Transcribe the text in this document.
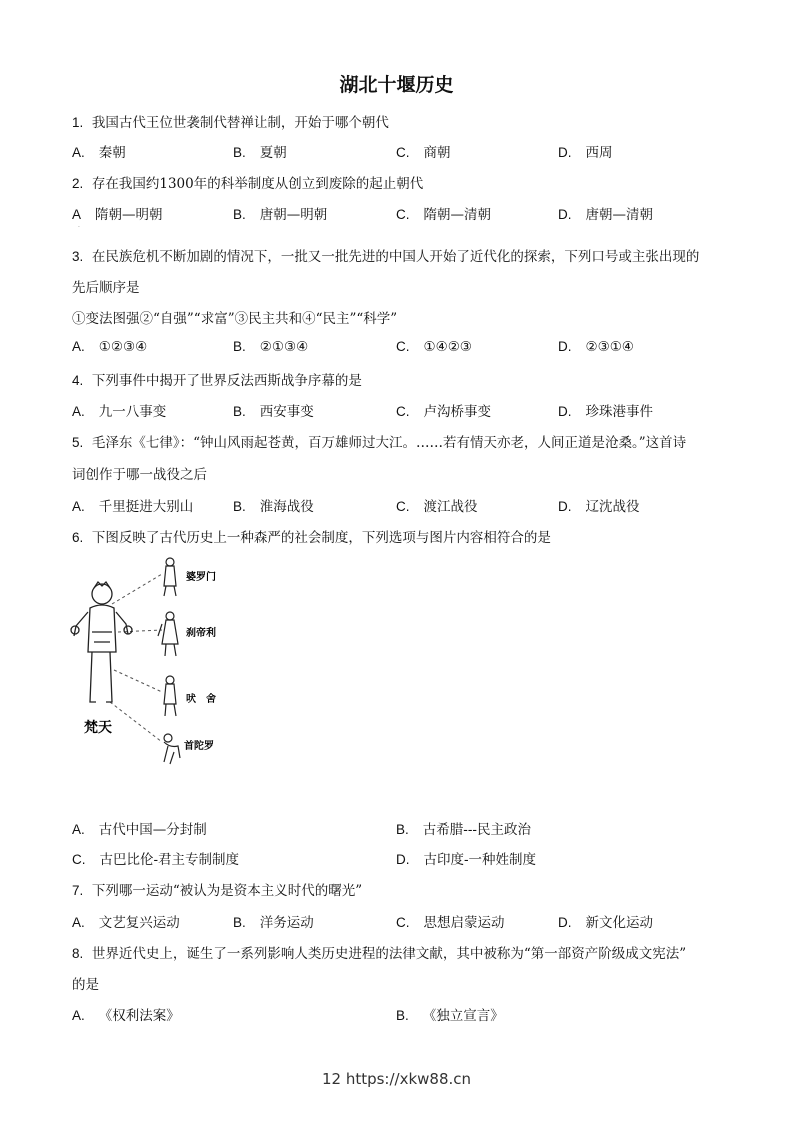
湖北十堰历史
1. 我国古代王位世袭制代替禅让制，开始于哪个朝代
A. 秦朝	B. 夏朝	C. 商朝	D. 西周
2. 存在我国约1300年的科举制度从创立到废除的起止朝代
A 隋朝—明朝	B. 唐朝—明朝	C. 隋朝—清朝	D. 唐朝—清朝
·
3. 在民族危机不断加剧的情况下，一批又一批先进的中国人开始了近代化的探索，下列口号或主张出现的
先后顺序是
①变法图强②“自强”“求富”③民主共和④“民主”“科学”
A. ①②③④	B. ②①③④	C. ①④②③	D. ②③①④
4. 下列事件中揭开了世界反法西斯战争序幕的是
A. 九一八事变	B. 西安事变	C. 卢沟桥事变	D. 珍珠港事件
5. 毛泽东《七律》：“钟山风雨起苍黄，百万雄师过大江。……若有情天亦老，人间正道是沧桑。”这首诗
词创作于哪一战役之后
A. 千里挺进大别山	B. 淮海战役	C. 渡江战役	D. 辽沈战役
6. 下图反映了古代历史上一种森严的社会制度，下列选项与图片内容相符合的是
婆罗门
刹帝利
吠　舍
首陀罗
梵天
A. 古代中国—分封制	B. 古希腊---民主政治
C. 古巴比伦-君主专制制度	D. 古印度-一种姓制度
7. 下列哪一运动“被认为是资本主义时代的曙光”
A. 文艺复兴运动	B. 洋务运动	C. 思想启蒙运动	D. 新文化运动
8. 世界近代史上，诞生了一系列影响人类历史进程的法律文献，其中被称为“第一部资产阶级成文宪法”
的是
A. 《权利法案》	B. 《独立宣言》
12 https://xkw88.cn
